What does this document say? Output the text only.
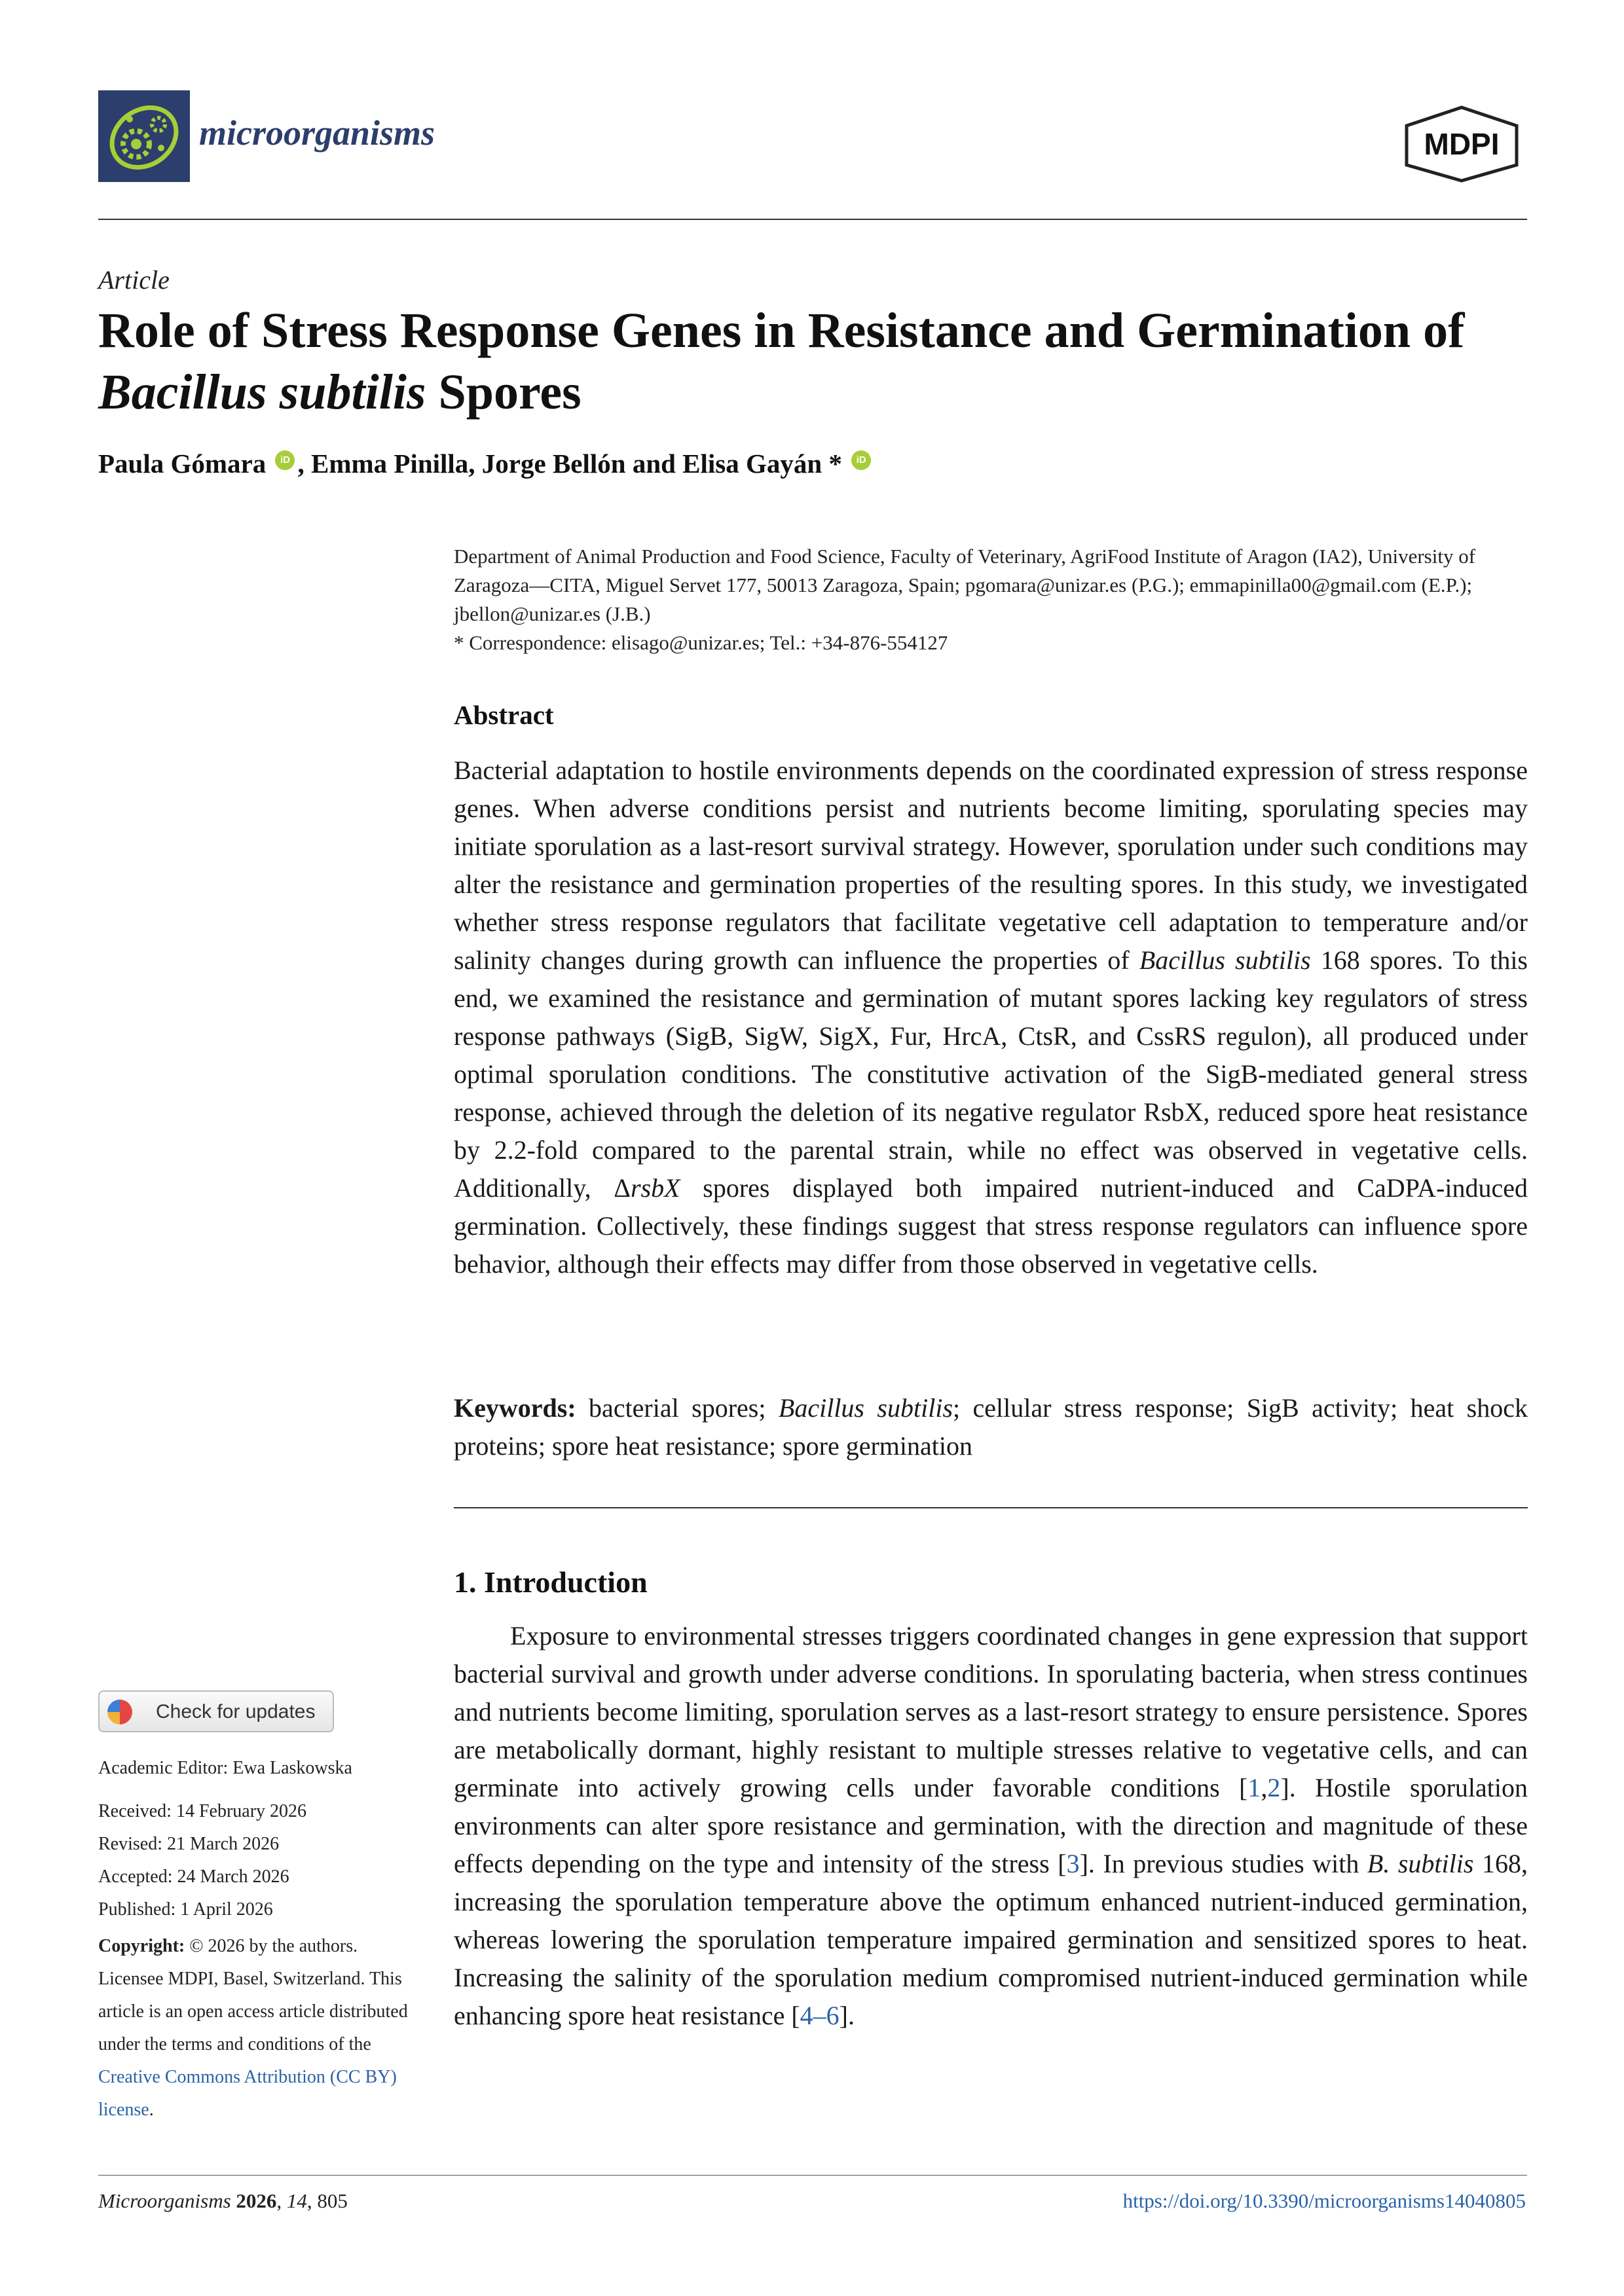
microorganisms	MDPI
Article
Role of Stress Response Genes in Resistance and Germination of
Bacillus subtilis Spores
Paula Gómara iD , Emma Pinilla, Jorge Bellón and Elisa Gayán * iD
Department of Animal Production and Food Science, Faculty of Veterinary, AgriFood Institute of Aragon (IA2), University of Zaragoza—CITA, Miguel Servet 177, 50013 Zaragoza, Spain; pgomara@unizar.es (P.G.); emmapinilla00@gmail.com (E.P.); jbellon@unizar.es (J.B.)
* Correspondence: elisago@unizar.es; Tel.: +34-876-554127
Abstract
Bacterial adaptation to hostile environments depends on the coordinated expression of stress response genes. When adverse conditions persist and nutrients become limiting, sporulating species may initiate sporulation as a last-resort survival strategy. However, sporulation under such conditions may alter the resistance and germination properties of the resulting spores. In this study, we investigated whether stress response regulators that facilitate vegetative cell adaptation to temperature and/or salinity changes during growth can influence the properties of Bacillus subtilis 168 spores. To this end, we examined the resistance and germination of mutant spores lacking key regulators of stress response pathways (SigB, SigW, SigX, Fur, HrcA, CtsR, and CssRS regulon), all produced under optimal sporulation conditions. The constitutive activation of the SigB-mediated general stress response, achieved through the deletion of its negative regulator RsbX, reduced spore heat resistance by 2.2-fold compared to the parental strain, while no effect was observed in vegetative cells. Additionally, ΔrsbX spores displayed both impaired nutrient-induced and CaDPA-induced germination. Collectively, these findings suggest that stress response regulators can influence spore behavior, although their effects may differ from those observed in vegetative cells.
Keywords: bacterial spores; Bacillus subtilis; cellular stress response; SigB activity; heat shock proteins; spore heat resistance; spore germination
1. Introduction
Exposure to environmental stresses triggers coordinated changes in gene expression that support bacterial survival and growth under adverse conditions. In sporulating bacteria, when stress continues and nutrients become limiting, sporulation serves as a last-resort strategy to ensure persistence. Spores are metabolically dormant, highly resistant to multiple stresses relative to vegetative cells, and can germinate into actively growing cells under favorable conditions [1,2]. Hostile sporulation environments can alter spore resistance and germination, with the direction and magnitude of these effects depending on the type and intensity of the stress [3]. In previous studies with B. subtilis 168, increasing the sporulation temperature above the optimum enhanced nutrient-induced germination, whereas lowering the sporulation temperature impaired germination and sensitized spores to heat. Increasing the salinity of the sporulation medium compromised nutrient-induced germination while enhancing spore heat resistance [4–6].
Check for updates
Academic Editor: Ewa Laskowska
Received: 14 February 2026
Revised: 21 March 2026
Accepted: 24 March 2026
Published: 1 April 2026
Copyright: © 2026 by the authors. Licensee MDPI, Basel, Switzerland. This article is an open access article distributed under the terms and conditions of the Creative Commons Attribution (CC BY) license.
Microorganisms 2026, 14, 805	https://doi.org/10.3390/microorganisms14040805
